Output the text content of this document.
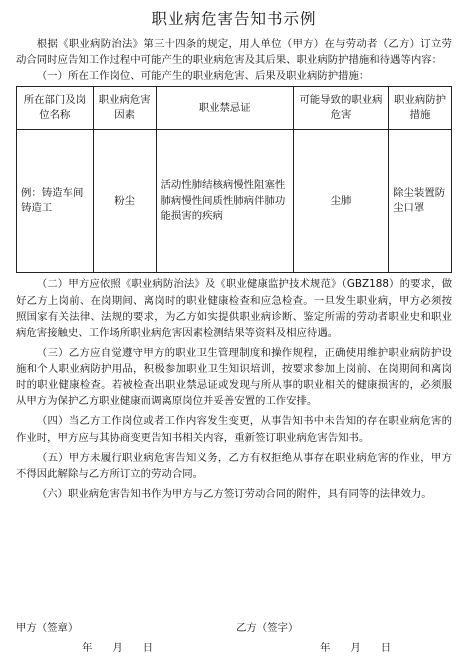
职业病危害告知书示例

根据《职业病防治法》第三十四条的规定，用人单位（甲方）在与劳动者（乙方）订立劳动合同时应告知工作过程中可能产生的职业病危害及其后果、职业病防护措施和待遇等内容：

（一）所在工作岗位、可能产生的职业病危害、后果及职业病防护措施：

所在部门及岗位名称	职业病危害因素	职业禁忌证	可能导致的职业病危害	职业病防护措施
例：铸造车间铸造工	粉尘	活动性肺结核病慢性阻塞性肺病慢性间质性肺病伴肺功能损害的疾病	尘肺	除尘装置防尘口罩

（二）甲方应依照《职业病防治法》及《职业健康监护技术规范》（GBZ188）的要求，做好乙方上岗前、在岗期间、离岗时的职业健康检查和应急检查。一旦发生职业病，甲方必须按照国家有关法律、法规的要求，为乙方如实提供职业病诊断、鉴定所需的劳动者职业史和职业病危害接触史、工作场所职业病危害因素检测结果等资料及相应待遇。

（三）乙方应自觉遵守甲方的职业卫生管理制度和操作规程，正确使用维护职业病防护设施和个人职业病防护用品，积极参加职业卫生知识培训，按要求参加上岗前、在岗期间和离岗时的职业健康检查。若被检查出职业禁忌证或发现与所从事的职业相关的健康损害的，必须服从甲方为保护乙方职业健康而调离原岗位并妥善安置的工作安排。

（四）当乙方工作岗位或者工作内容发生变更，从事告知书中未告知的存在职业病危害的作业时，甲方应与其协商变更告知书相关内容，重新签订职业病危害告知书。

（五）甲方未履行职业病危害告知义务，乙方有权拒绝从事存在职业病危害的作业，甲方不得因此解除与乙方所订立的劳动合同。

（六）职业病危害告知书作为甲方与乙方签订劳动合同的附件，具有同等的法律效力。

甲方（签章）	乙方（签字）
年 月 日	年 月 日
